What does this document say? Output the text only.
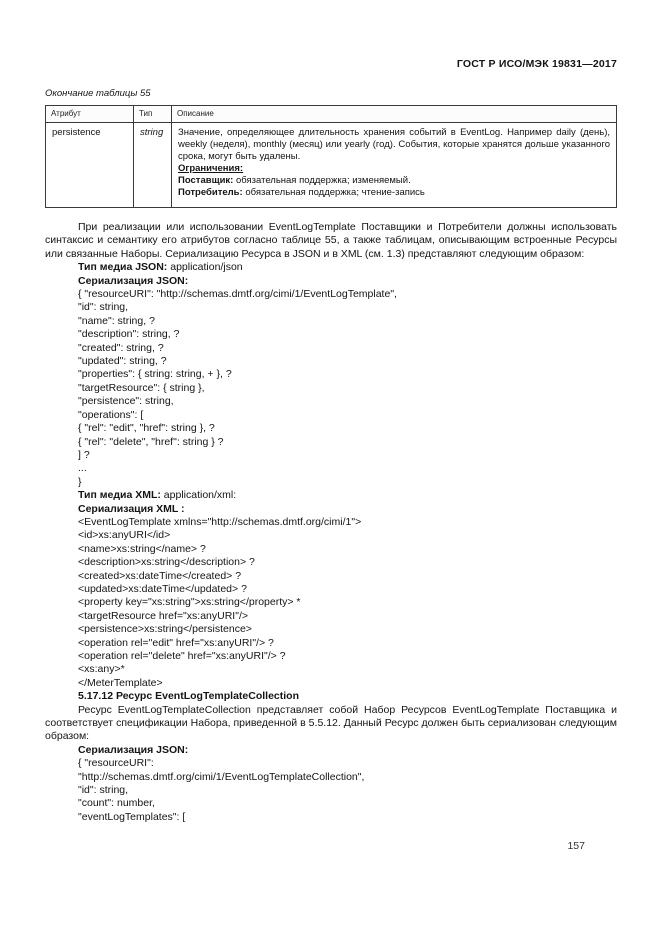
ГОСТ Р ИСО/МЭК 19831—2017
Окончание таблицы 55
Атрибут	Тип	Описание
persistence	string	Значение, определяющее длительность хранения событий в EventLog. Например daily (день), weekly (неделя), monthly (месяц) или yearly (год). События, которые хранятся дольше указанного срока, могут быть удалены.
Ограничения:
Поставщик: обязательная поддержка; изменяемый.
Потребитель: обязательная поддержка; чтение-запись

При реализации или использовании EventLogTemplate Поставщики и Потребители должны использовать синтаксис и семантику его атрибутов согласно таблице 55, а также таблицам, описывающим встроенные Ресурсы или связанные Наборы. Сериализацию Ресурса в JSON и в XML (см. 1.3) представляют следующим образом:

Тип медиа JSON: application/json
Сериализация JSON:
{ "resourceURI": "http://schemas.dmtf.org/cimi/1/EventLogTemplate",
"id": string,
"name": string, ?
"description": string, ?
"created": string, ?
"updated": string, ?
"properties": { string: string, + }, ?
"targetResource": { string },
"persistence": string,
"operations": [
{ "rel": "edit", "href": string }, ?
{ "rel": "delete", "href": string } ?
] ?
...
}
Тип медиа XML: application/xml:
Сериализация XML :
<EventLogTemplate xmlns="http://schemas.dmtf.org/cimi/1">
<id>xs:anyURI</id>
<name>xs:string</name> ?
<description>xs:string</description> ?
<created>xs:dateTime</created> ?
<updated>xs:dateTime</updated> ?
<property key="xs:string">xs:string</property> *
<targetResource href="xs:anyURI"/>
<persistence>xs:string</persistence>
<operation rel="edit" href="xs:anyURI"/> ?
<operation rel="delete" href="xs:anyURI"/> ?
<xs:any>*
</MeterTemplate>
5.17.12 Ресурс EventLogTemplateCollection

Ресурс EventLogTemplateCollection представляет собой Набор Ресурсов EventLogTemplate Поставщика и соответствует спецификации Набора, приведенной в 5.5.12. Данный Ресурс должен быть сериализован следующим образом:

Сериализация JSON:
{ "resourceURI":
"http://schemas.dmtf.org/cimi/1/EventLogTemplateCollection",
"id": string,
"count": number,
"eventLogTemplates": [
157
